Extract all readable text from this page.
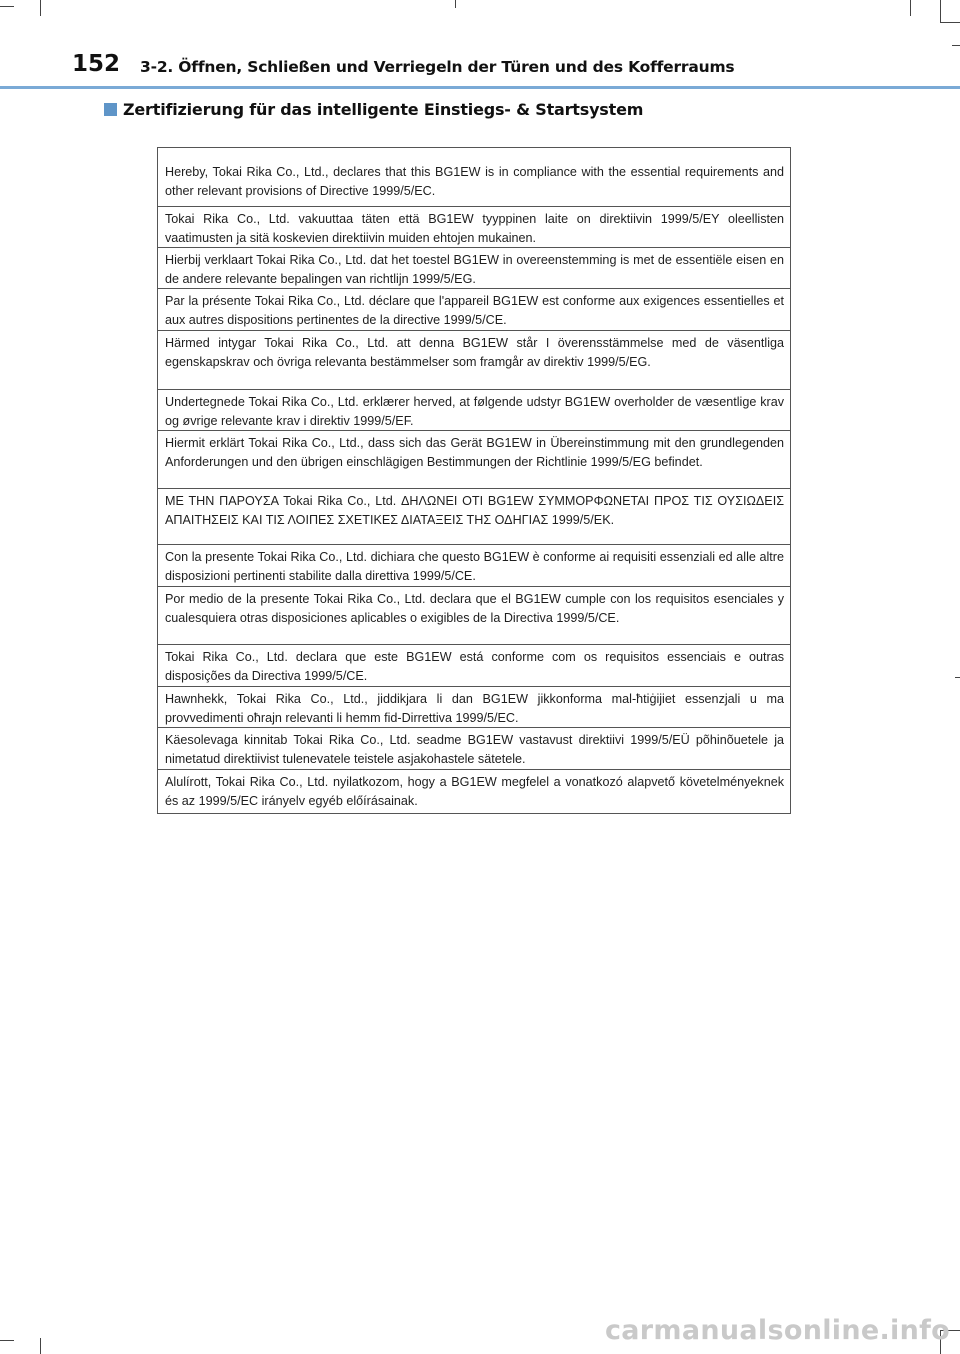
152 3-2. Öffnen, Schließen und Verriegeln der Türen und des Kofferraums
Zertifizierung für das intelligente Einstiegs- & Startsystem
Hereby, Tokai Rika Co., Ltd., declares that this BG1EW is in compliance with the essential requirements and other relevant provisions of Directive 1999/5/EC.
Tokai Rika Co., Ltd. vakuuttaa täten että BG1EW tyyppinen laite on direktiivin 1999/5/EY oleellisten vaatimusten ja sitä koskevien direktiivin muiden ehtojen mukainen.
Hierbij verklaart Tokai Rika Co., Ltd. dat het toestel BG1EW in overeenstemming is met de essentiële eisen en de andere relevante bepalingen van richtlijn 1999/5/EG.
Par la présente Tokai Rika Co., Ltd. déclare que l'appareil BG1EW est conforme aux exigences essentielles et aux autres dispositions pertinentes de la directive 1999/5/CE.
Härmed intygar Tokai Rika Co., Ltd. att denna BG1EW står I överensstämmelse med de väsentliga egenskapskrav och övriga relevanta bestämmelser som framgår av direktiv 1999/5/EG.
Undertegnede Tokai Rika Co., Ltd. erklærer herved, at følgende udstyr BG1EW overholder de væsentlige krav og øvrige relevante krav i direktiv 1999/5/EF.
Hiermit erklärt Tokai Rika Co., Ltd., dass sich das Gerät BG1EW in Übereinstimmung mit den grundlegenden Anforderungen und den übrigen einschlägigen Bestimmungen der Richtlinie 1999/5/EG befindet.
ΜΕ ΤΗΝ ΠΑΡΟΥΣΑ Tokai Rika Co., Ltd. ΔΗΛΩΝΕΙ ΟΤΙ BG1EW ΣΥΜΜΟΡΦΩΝΕΤΑΙ ΠΡΟΣ ΤΙΣ ΟΥΣΙΩΔΕΙΣ ΑΠΑΙΤΗΣΕΙΣ ΚΑΙ ΤΙΣ ΛΟΙΠΕΣ ΣΧΕΤΙΚΕΣ ΔΙΑΤΑΞΕΙΣ ΤΗΣ ΟΔΗΓΙΑΣ 1999/5/ΕΚ.
Con la presente Tokai Rika Co., Ltd. dichiara che questo BG1EW è conforme ai requisiti essenziali ed alle altre disposizioni pertinenti stabilite dalla direttiva 1999/5/CE.
Por medio de la presente Tokai Rika Co., Ltd. declara que el BG1EW cumple con los requisitos esenciales y cualesquiera otras disposiciones aplicables o exigibles de la Directiva 1999/5/CE.
Tokai Rika Co., Ltd. declara que este BG1EW está conforme com os requisitos essenciais e outras disposições da Directiva 1999/5/CE.
Hawnhekk, Tokai Rika Co., Ltd., jiddikjara li dan BG1EW jikkonforma mal-ħtiġijiet essenzjali u ma provvedimenti oħrajn relevanti li hemm fid-Dirrettiva 1999/5/EC.
Käesolevaga kinnitab Tokai Rika Co., Ltd. seadme BG1EW vastavust direktiivi 1999/5/EÜ põhinõuetele ja nimetatud direktiivist tulenevatele teistele asjakohastele sätetele.
Alulírott, Tokai Rika Co., Ltd. nyilatkozom, hogy a BG1EW megfelel a vonatkozó alapvető követelményeknek és az 1999/5/EC irányelv egyéb előírásainak.
carmanualsonline.info
